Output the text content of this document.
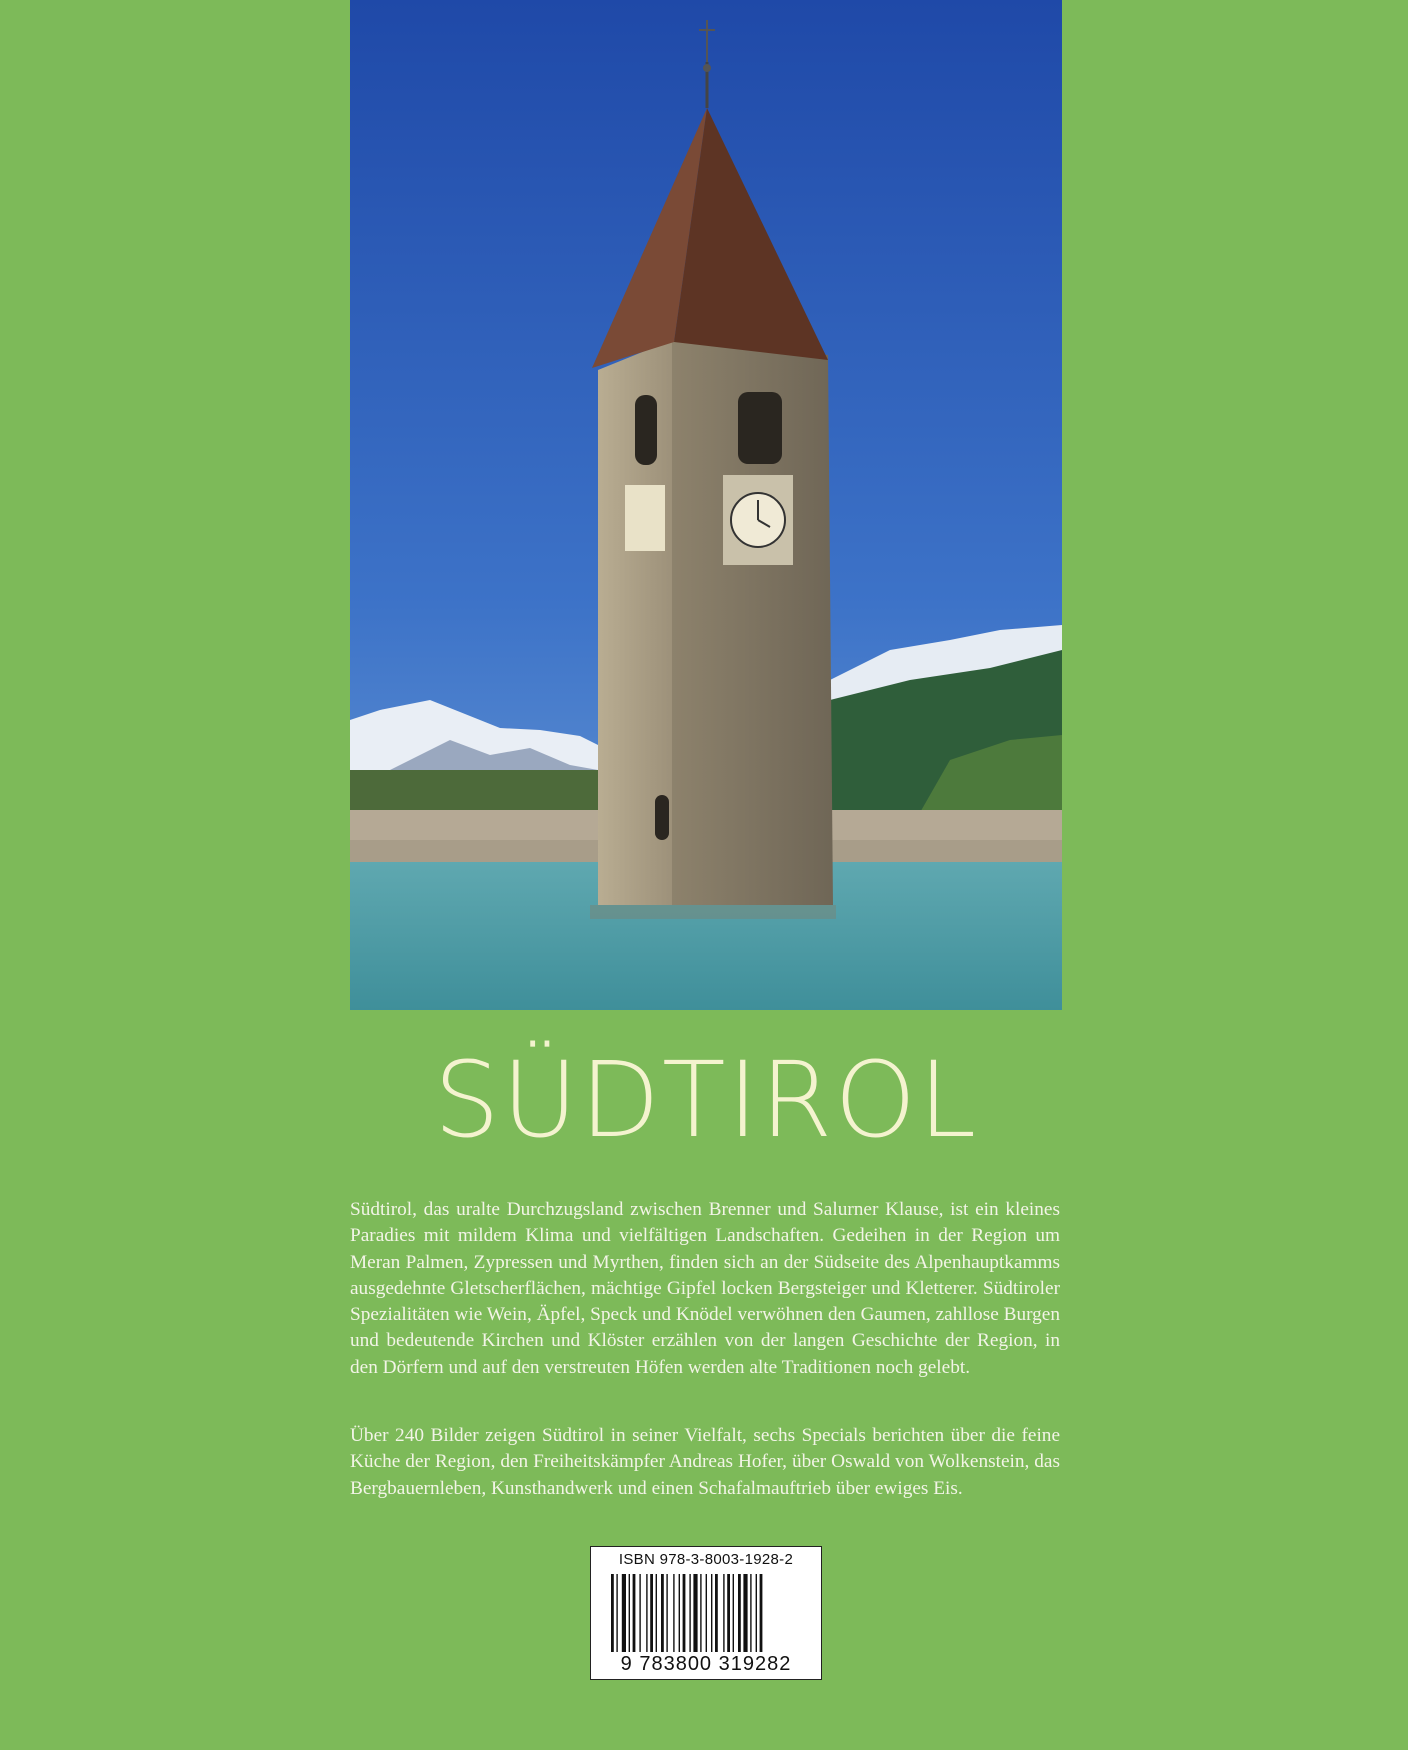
SÜDTIROL

Südtirol, das uralte Durchzugsland zwischen Brenner und Salurner Klause, ist ein kleines Paradies mit mildem Klima und vielfältigen Landschaften. Gedeihen in der Region um Meran Palmen, Zypressen und Myrthen, finden sich an der Südseite des Alpenhauptkamms ausgedehnte Gletscherflächen, mächtige Gipfel locken Bergsteiger und Kletterer. Südtiroler Spezialitäten wie Wein, Äpfel, Speck und Knödel verwöhnen den Gaumen, zahllose Burgen und bedeutende Kirchen und Klöster erzählen von der langen Geschichte der Region, in den Dörfern und auf den verstreuten Höfen werden alte Traditionen noch gelebt.

Über 240 Bilder zeigen Südtirol in seiner Vielfalt, sechs Specials berichten über die feine Küche der Region, den Freiheitskämpfer Andreas Hofer, über Oswald von Wolkenstein, das Bergbauernleben, Kunsthandwerk und einen Schafalmauftrieb über ewiges Eis.

ISBN 978-3-8003-1928-2
9 783800 319282
